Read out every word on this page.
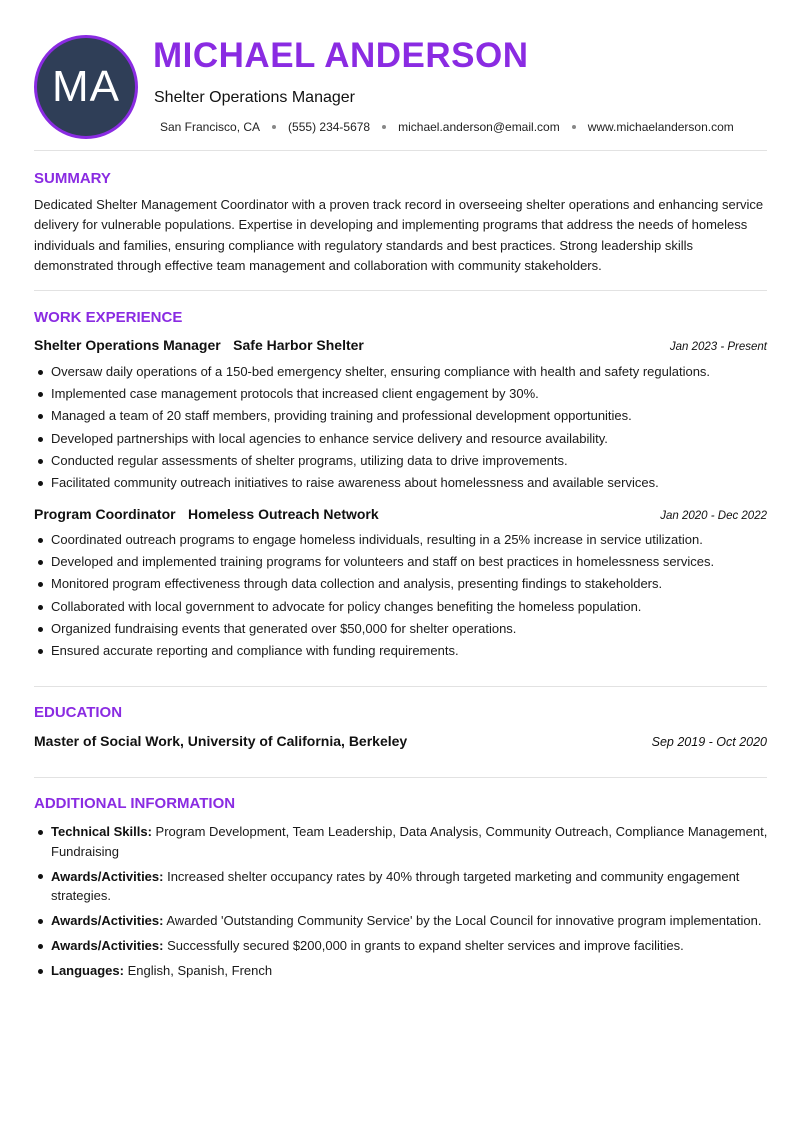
MA
MICHAEL ANDERSON
Shelter Operations Manager
San Francisco, CA (555) 234-5678 michael.anderson@email.com www.michaelanderson.com
SUMMARY

Dedicated Shelter Management Coordinator with a proven track record in overseeing shelter operations and enhancing service delivery for vulnerable populations. Expertise in developing and implementing programs that address the needs of homeless individuals and families, ensuring compliance with regulatory standards and best practices. Strong leadership skills demonstrated through effective team management and collaboration with community stakeholders.

WORK EXPERIENCE
Shelter Operations Manager Safe Harbor Shelter	Jan 2023 - Present
Oversaw daily operations of a 150-bed emergency shelter, ensuring compliance with health and safety regulations.
Implemented case management protocols that increased client engagement by 30%.
Managed a team of 20 staff members, providing training and professional development opportunities.
Developed partnerships with local agencies to enhance service delivery and resource availability.
Conducted regular assessments of shelter programs, utilizing data to drive improvements.
Facilitated community outreach initiatives to raise awareness about homelessness and available services.
Program Coordinator Homeless Outreach Network	Jan 2020 - Dec 2022
Coordinated outreach programs to engage homeless individuals, resulting in a 25% increase in service utilization.
Developed and implemented training programs for volunteers and staff on best practices in homelessness services.
Monitored program effectiveness through data collection and analysis, presenting findings to stakeholders.
Collaborated with local government to advocate for policy changes benefiting the homeless population.
Organized fundraising events that generated over $50,000 for shelter operations.
Ensured accurate reporting and compliance with funding requirements.
EDUCATION
Master of Social Work, University of California, Berkeley	Sep 2019 - Oct 2020
ADDITIONAL INFORMATION
Technical Skills: Program Development, Team Leadership, Data Analysis, Community Outreach, Compliance Management, Fundraising
Awards/Activities: Increased shelter occupancy rates by 40% through targeted marketing and community engagement strategies.
Awards/Activities: Awarded 'Outstanding Community Service' by the Local Council for innovative program implementation.
Awards/Activities: Successfully secured $200,000 in grants to expand shelter services and improve facilities.
Languages: English, Spanish, French
